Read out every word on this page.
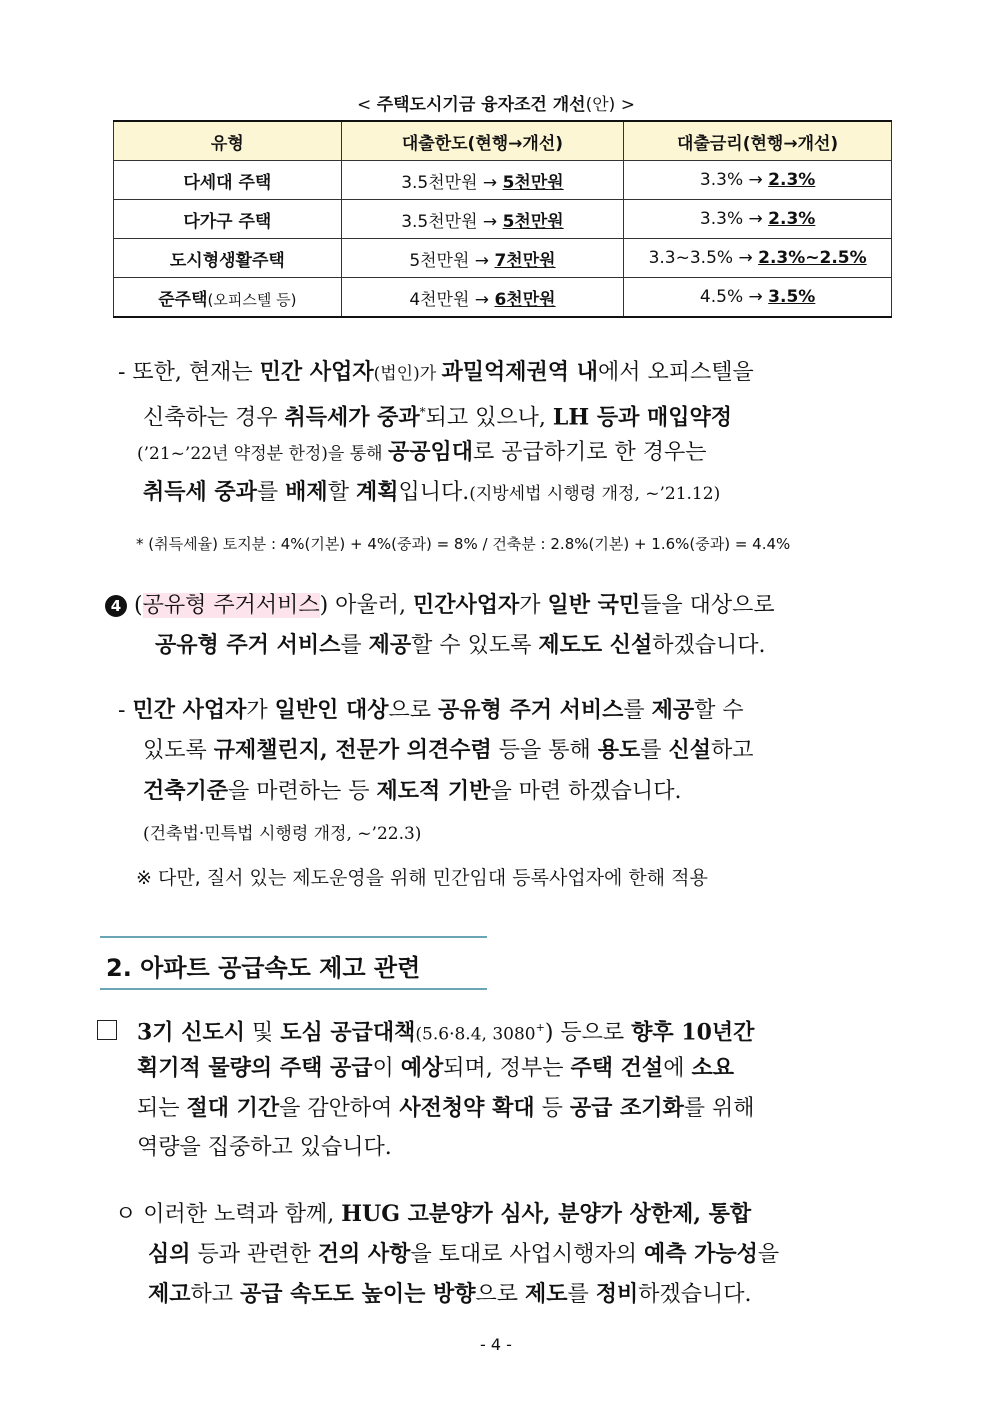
< 주택도시기금 융자조건 개선(안) >
유형	대출한도(현행→개선)	대출금리(현행→개선)
다세대 주택	3.5천만원 → 5천만원	3.3% → 2.3%
다가구 주택	3.5천만원 → 5천만원	3.3% → 2.3%
도시형생활주택	5천만원 → 7천만원	3.3~3.5% → 2.3%~2.5%
준주택(오피스텔 등)	4천만원 → 6천만원	4.5% → 3.5%
- 또한, 현재는 민간 사업자(법인)가 과밀억제권역 내에서 오피스텔을
신축하는 경우 취득세가 중과*되고 있으나, LH 등과 매입약정
(’21~’22년 약정분 한정)을 통해 공공임대로 공급하기로 한 경우는
취득세 중과를 배제할 계획입니다.(지방세법 시행령 개정, ~’21.12)
* (취득세율) 토지분 : 4%(기본) + 4%(중과) = 8% / 건축분 : 2.8%(기본) + 1.6%(중과) = 4.4%
4 (공유형 주거서비스) 아울러, 민간사업자가 일반 국민들을 대상으로
공유형 주거 서비스를 제공할 수 있도록 제도도 신설하겠습니다.
- 민간 사업자가 일반인 대상으로 공유형 주거 서비스를 제공할 수
있도록 규제챌린지, 전문가 의견수렴 등을 통해 용도를 신설하고
건축기준을 마련하는 등 제도적 기반을 마련 하겠습니다.
(건축법·민특법 시행령 개정, ~’22.3)
※ 다만, 질서 있는 제도운영을 위해 민간임대 등록사업자에 한해 적용
2. 아파트 공급속도 제고 관련
3기 신도시 및 도심 공급대책(5.6·8.4, 3080+) 등으로 향후 10년간
획기적 물량의 주택 공급이 예상되며, 정부는 주택 건설에 소요
되는 절대 기간을 감안하여 사전청약 확대 등 공급 조기화를 위해
역량을 집중하고 있습니다.
ㅇ 이러한 노력과 함께, HUG 고분양가 심사, 분양가 상한제, 통합
심의 등과 관련한 건의 사항을 토대로 사업시행자의 예측 가능성을
제고하고 공급 속도도 높이는 방향으로 제도를 정비하겠습니다.
- 4 -
